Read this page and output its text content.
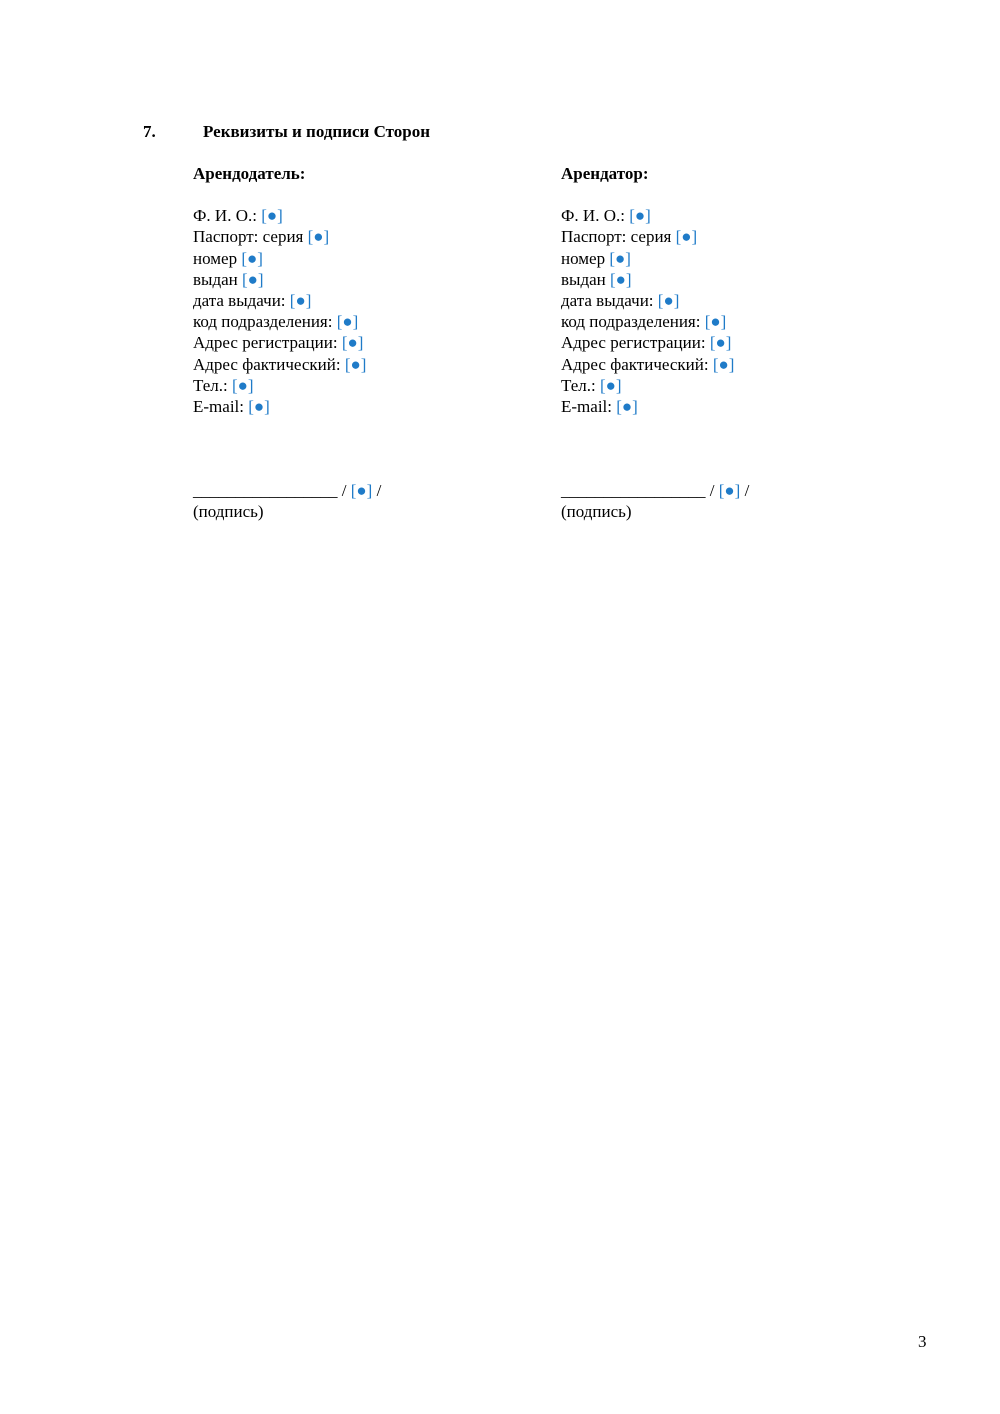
7.	Реквизиты и подписи Сторон
Арендодатель:
Ф. И. О.: [●]
Паспорт: серия [●]
номер [●]
выдан [●]
дата выдачи: [●]
код подразделения: [●]
Адрес регистрации: [●]
Адрес фактический: [●]
Тел.: [●]
E-mail: [●]
_________________ / [●] /
(подпись)
Арендатор:
Ф. И. О.: [●]
Паспорт: серия [●]
номер [●]
выдан [●]
дата выдачи: [●]
код подразделения: [●]
Адрес регистрации: [●]
Адрес фактический: [●]
Тел.: [●]
E-mail: [●]
_________________ / [●] /
(подпись)
3
